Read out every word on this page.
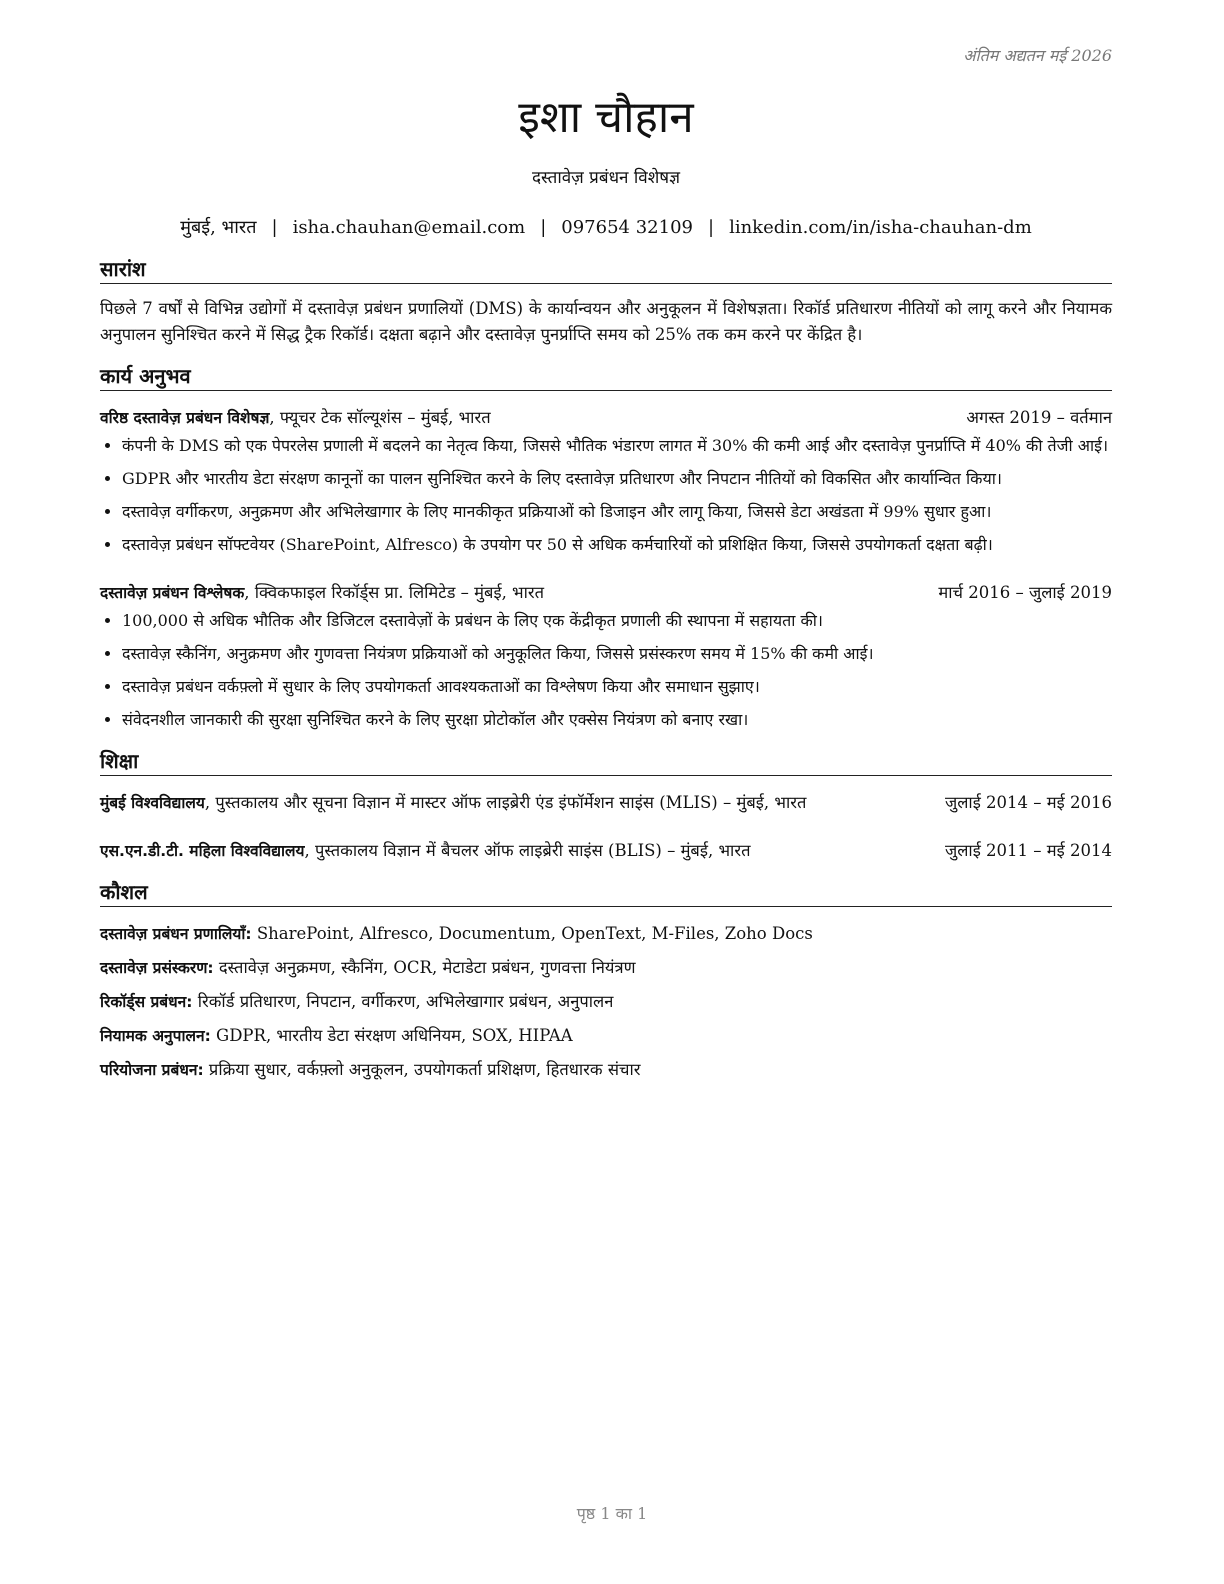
अंतिम अद्यतन मई 2026
इशा चौहान
दस्तावेज़ प्रबंधन विशेषज्ञ
मुंबई, भारत | isha.chauhan@email.com | 097654 32109 | linkedin.com/in/isha-chauhan-dm
सारांश
पिछले 7 वर्षों से विभिन्न उद्योगों में दस्तावेज़ प्रबंधन प्रणालियों (DMS) के कार्यान्वयन और अनुकूलन में विशेषज्ञता। रिकॉर्ड प्रतिधारण नीतियों को लागू करने और नियामक अनुपालन सुनिश्चित करने में सिद्ध ट्रैक रिकॉर्ड। दक्षता बढ़ाने और दस्तावेज़ पुनर्प्राप्ति समय को 25% तक कम करने पर केंद्रित है।
कार्य अनुभव
वरिष्ठ दस्तावेज़ प्रबंधन विशेषज्ञ, फ्यूचर टेक सॉल्यूशंस – मुंबई, भारत	अगस्त 2019 – वर्तमान
• कंपनी के DMS को एक पेपरलेस प्रणाली में बदलने का नेतृत्व किया, जिससे भौतिक भंडारण लागत में 30% की कमी आई और दस्तावेज़ पुनर्प्राप्ति में 40% की तेजी आई।
• GDPR और भारतीय डेटा संरक्षण कानूनों का पालन सुनिश्चित करने के लिए दस्तावेज़ प्रतिधारण और निपटान नीतियों को विकसित और कार्यान्वित किया।
• दस्तावेज़ वर्गीकरण, अनुक्रमण और अभिलेखागार के लिए मानकीकृत प्रक्रियाओं को डिजाइन और लागू किया, जिससे डेटा अखंडता में 99% सुधार हुआ।
• दस्तावेज़ प्रबंधन सॉफ्टवेयर (SharePoint, Alfresco) के उपयोग पर 50 से अधिक कर्मचारियों को प्रशिक्षित किया, जिससे उपयोगकर्ता दक्षता बढ़ी।
दस्तावेज़ प्रबंधन विश्लेषक, क्विकफाइल रिकॉर्ड्स प्रा. लिमिटेड – मुंबई, भारत	मार्च 2016 – जुलाई 2019
• 100,000 से अधिक भौतिक और डिजिटल दस्तावेज़ों के प्रबंधन के लिए एक केंद्रीकृत प्रणाली की स्थापना में सहायता की।
• दस्तावेज़ स्कैनिंग, अनुक्रमण और गुणवत्ता नियंत्रण प्रक्रियाओं को अनुकूलित किया, जिससे प्रसंस्करण समय में 15% की कमी आई।
• दस्तावेज़ प्रबंधन वर्कफ़्लो में सुधार के लिए उपयोगकर्ता आवश्यकताओं का विश्लेषण किया और समाधान सुझाए।
• संवेदनशील जानकारी की सुरक्षा सुनिश्चित करने के लिए सुरक्षा प्रोटोकॉल और एक्सेस नियंत्रण को बनाए रखा।
शिक्षा
मुंबई विश्वविद्यालय, पुस्तकालय और सूचना विज्ञान में मास्टर ऑफ लाइब्रेरी एंड इंफॉर्मेशन साइंस (MLIS) – मुंबई, भारत	जुलाई 2014 – मई 2016
एस.एन.डी.टी. महिला विश्वविद्यालय, पुस्तकालय विज्ञान में बैचलर ऑफ लाइब्रेरी साइंस (BLIS) – मुंबई, भारत	जुलाई 2011 – मई 2014
कौशल
दस्तावेज़ प्रबंधन प्रणालियाँ: SharePoint, Alfresco, Documentum, OpenText, M-Files, Zoho Docs
दस्तावेज़ प्रसंस्करण: दस्तावेज़ अनुक्रमण, स्कैनिंग, OCR, मेटाडेटा प्रबंधन, गुणवत्ता नियंत्रण
रिकॉर्ड्स प्रबंधन: रिकॉर्ड प्रतिधारण, निपटान, वर्गीकरण, अभिलेखागार प्रबंधन, अनुपालन
नियामक अनुपालन: GDPR, भारतीय डेटा संरक्षण अधिनियम, SOX, HIPAA
परियोजना प्रबंधन: प्रक्रिया सुधार, वर्कफ़्लो अनुकूलन, उपयोगकर्ता प्रशिक्षण, हितधारक संचार
पृष्ठ 1 का 1
